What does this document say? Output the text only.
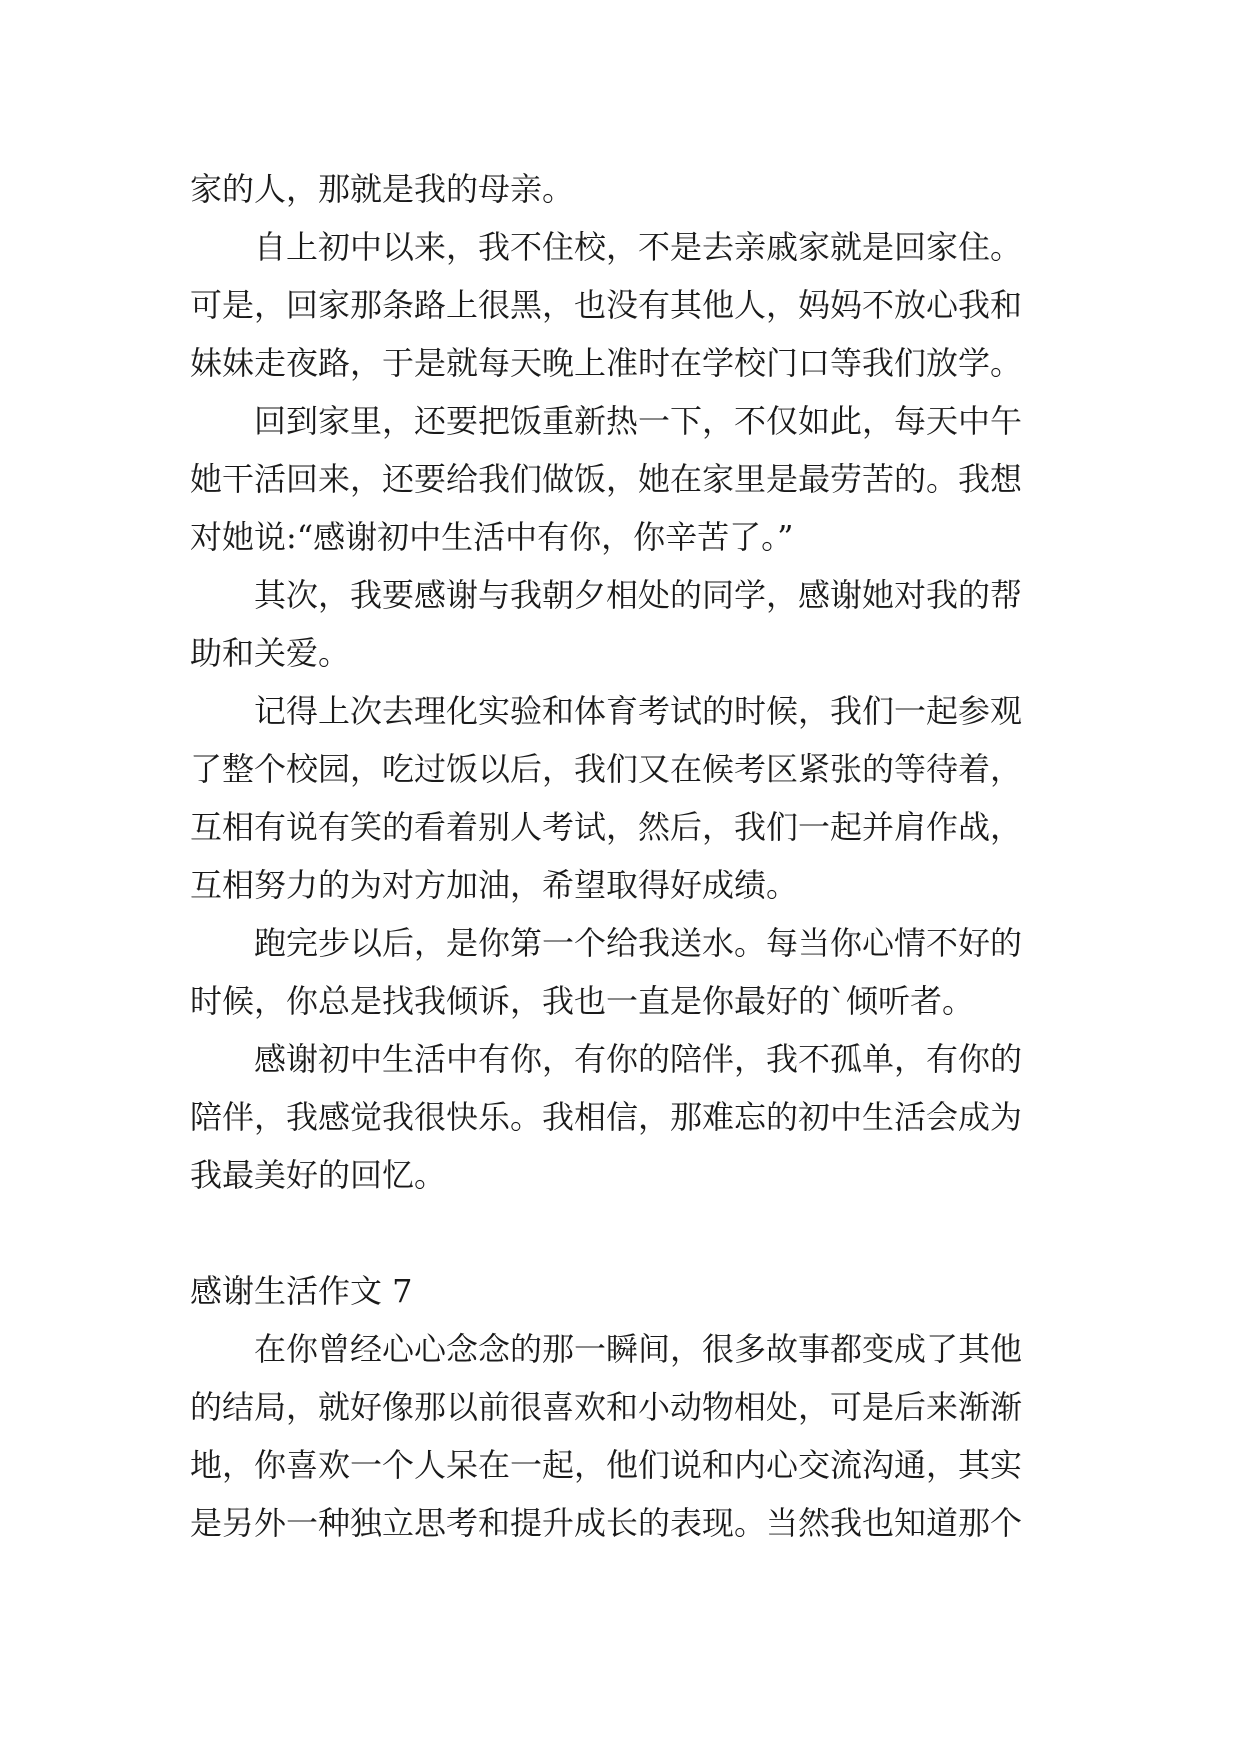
家的人，那就是我的母亲。

自上初中以来，我不住校，不是去亲戚家就是回家住。
可是，回家那条路上很黑，也没有其他人，妈妈不放心我和
妹妹走夜路，于是就每天晚上准时在学校门口等我们放学。

回到家里，还要把饭重新热一下，不仅如此，每天中午
她干活回来，还要给我们做饭，她在家里是最劳苦的。我想
对她说:“感谢初中生活中有你，你辛苦了。”

其次，我要感谢与我朝夕相处的同学，感谢她对我的帮
助和关爱。

记得上次去理化实验和体育考试的时候，我们一起参观
了整个校园，吃过饭以后，我们又在候考区紧张的等待着，
互相有说有笑的看着别人考试，然后，我们一起并肩作战，
互相努力的为对方加油，希望取得好成绩。

跑完步以后，是你第一个给我送水。每当你心情不好的
时候，你总是找我倾诉，我也一直是你最好的`倾听者。

感谢初中生活中有你，有你的陪伴，我不孤单，有你的
陪伴，我感觉我很快乐。我相信，那难忘的初中生活会成为
我最美好的回忆。

感谢生活作文 7

在你曾经心心念念的那一瞬间，很多故事都变成了其他
的结局，就好像那以前很喜欢和小动物相处，可是后来渐渐
地，你喜欢一个人呆在一起，他们说和内心交流沟通，其实
是另外一种独立思考和提升成长的表现。当然我也知道那个
